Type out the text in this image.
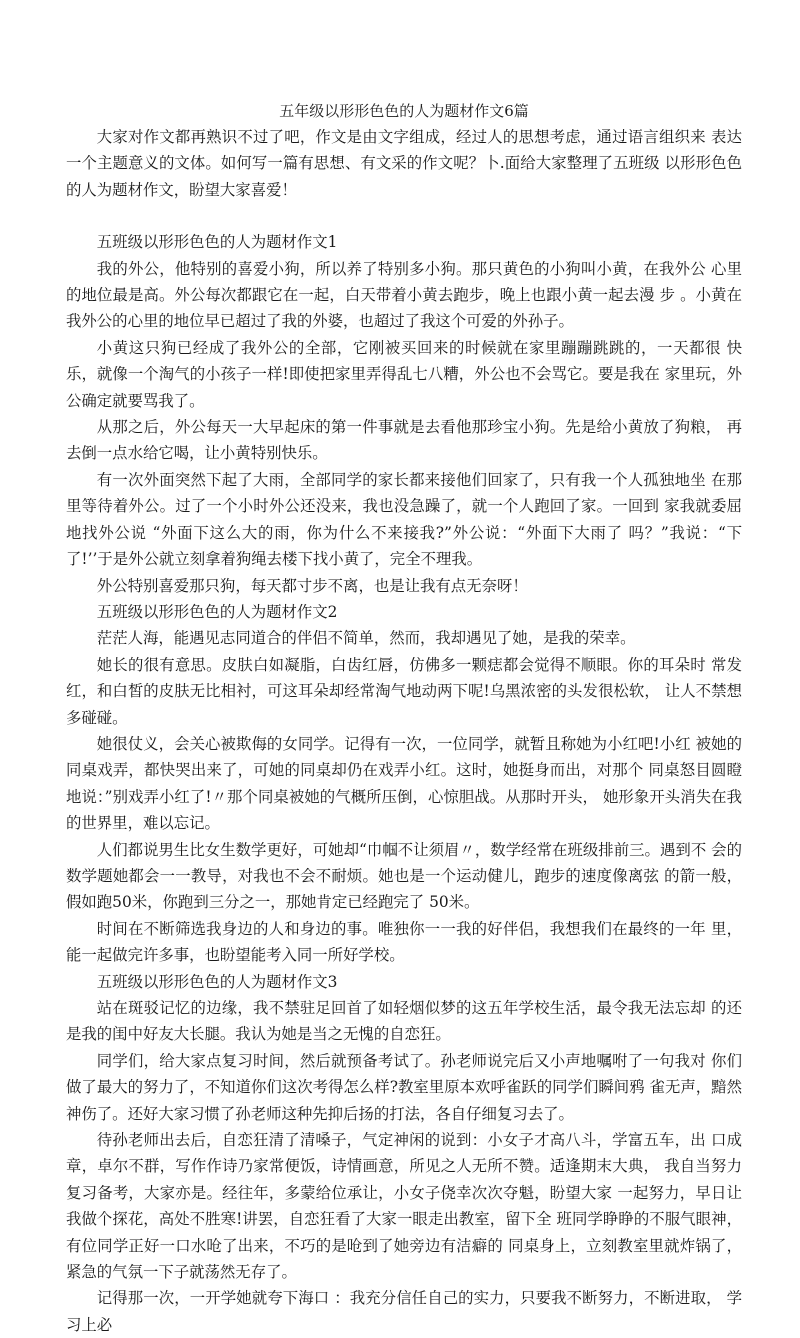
五年级以形形色色的人为题材作文6篇

大家对作文都再熟识不过了吧，作文是由文字组成，经过人的思想考虑，通过语言组织来 表达一个主题意义的文体。如何写一篇有思想、有文采的作文呢？卜.面给大家整理了五班级 以形形色色的人为题材作文，盼望大家喜爱！

五班级以形形色色的人为题材作文1

我的外公，他特别的喜爱小狗，所以养了特别多小狗。那只黄色的小狗叫小黄，在我外公 心里的地位最是高。外公每次都跟它在一起，白天带着小黄去跑步，晚上也跟小黄一起去漫 步 。小黄在我外公的心里的地位早已超过了我的外婆，也超过了我这个可爱的外孙子。

小黄这只狗已经成了我外公的全部，它刚被买回来的时候就在家里蹦蹦跳跳的，一天都很 快乐，就像一个淘气的小孩子一样!即使把家里弄得乱七八糟，外公也不会骂它。要是我在 家里玩，外公确定就要骂我了。

从那之后，外公每天一大早起床的第一件事就是去看他那珍宝小狗。先是给小黄放了狗粮， 再去倒一点水给它喝，让小黄特别快乐。

有一次外面突然下起了大雨，全部同学的家长都来接他们回家了，只有我一个人孤独地坐 在那里等待着外公。过了一个小时外公还没来，我也没急躁了，就一个人跑回了家。一回到 家我就委屈地找外公说 “外面下这么大的雨，你为什么不来接我?”外公说：“外面下大雨了 吗？”我说：“下了!’’于是外公就立刻拿着狗绳去楼下找小黄了，完全不理我。

外公特别喜爱那只狗，每天都寸步不离，也是让我有点无奈呀！

五班级以形形色色的人为题材作文2

茫茫人海，能遇见志同道合的伴侣不简单，然而，我却遇见了她，是我的荣幸。

她长的很有意思。皮肤白如凝脂，白齿红唇，仿佛多一颗痣都会觉得不顺眼。你的耳朵时 常发红，和白皙的皮肤无比相衬，可这耳朵却经常淘气地动两下呢!乌黑浓密的头发很松软， 让人不禁想多碰碰。

她很仗义，会关心被欺侮的女同学。记得有一次，一位同学，就暂且称她为小红吧!小红 被她的同桌戏弄，都快哭出来了，可她的同桌却仍在戏弄小红。这时，她挺身而出，对那个 同桌怒目圆瞪地说：”别戏弄小红了!〃那个同桌被她的气概所压倒，心惊胆战。从那时开头， 她形象开头消失在我的世界里，难以忘记。

人们都说男生比女生数学更好，可她却“巾帼不让须眉〃，数学经常在班级排前三。遇到不 会的数学题她都会一一教导，对我也不会不耐烦。她也是一个运动健儿，跑步的速度像离弦 的箭一般，假如跑50米，你跑到三分之一，那她肯定已经跑完了 50米。

时间在不断筛选我身边的人和身边的事。唯独你一一我的好伴侣，我想我们在最终的一年 里，能一起做完许多事，也盼望能考入同一所好学校。

五班级以形形色色的人为题材作文3

站在斑驳记忆的边缘，我不禁驻足回首了如轻烟似梦的这五年学校生活，最令我无法忘却 的还是我的闺中好友大长腿。我认为她是当之无愧的自恋狂。

同学们，给大家点复习时间，然后就预备考试了。孙老师说完后又小声地嘱咐了一句我对 你们做了最大的努力了，不知道你们这次考得怎么样?教室里原本欢呼雀跃的同学们瞬间鸦 雀无声，黯然神伤了。还好大家习惯了孙老师这种先抑后扬的打法，各自仔细复习去了。

待孙老师出去后，自恋狂清了清嗓子，气定神闲的说到：小女子才高八斗，学富五车，出 口成章，卓尔不群，写作作诗乃家常便饭，诗情画意，所见之人无所不赞。适逢期末大典， 我自当努力复习备考，大家亦是。经往年，多蒙给位承让，小女子侥幸次次夺魁，盼望大家 一起努力，早日让我做个探花，高处不胜寒!讲罢，自恋狂看了大家一眼走出教室，留下全 班同学睁睁的不服气眼神，有位同学正好一口水呛了出来，不巧的是呛到了她旁边有洁癖的 同桌身上，立刻教室里就炸锅了，紧急的气氛一下子就荡然无存了。

记得那一次，一开学她就夸下海口 ：我充分信任自己的实力，只要我不断努力，不断进取， 学习上必
